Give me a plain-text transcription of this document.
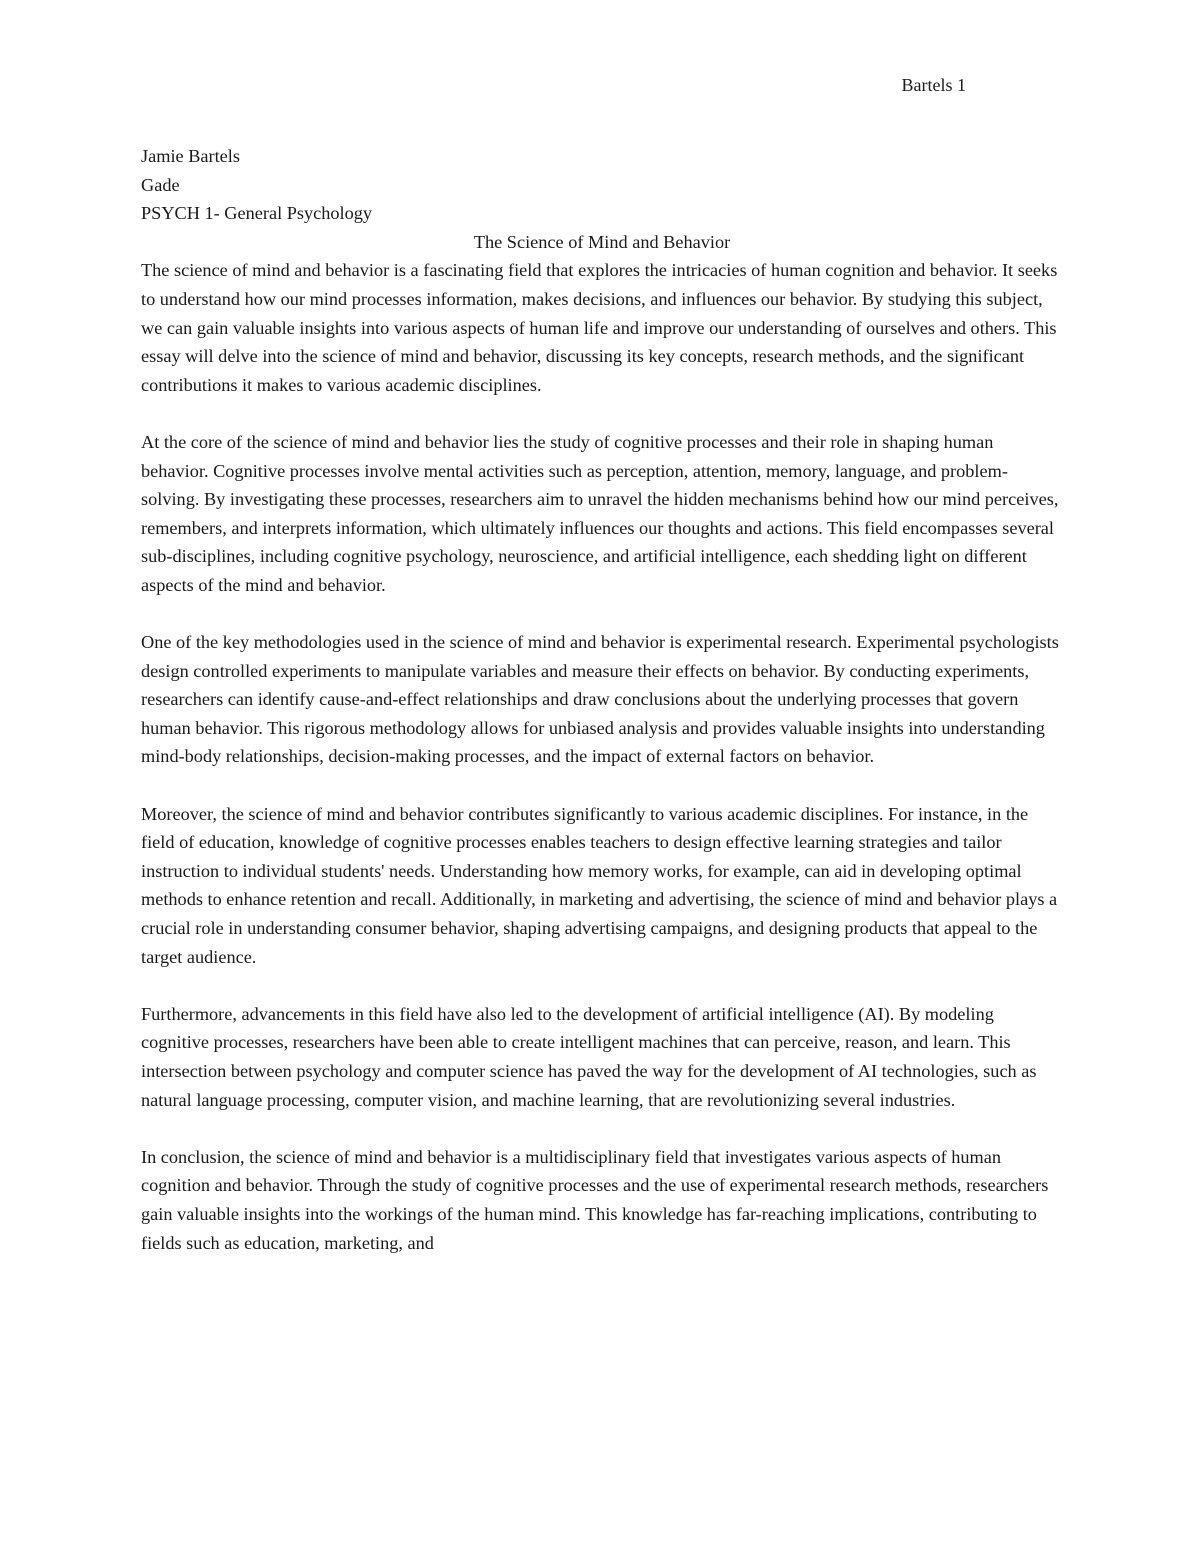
Bartels 1

Jamie Bartels

Gade

PSYCH 1- General Psychology

The Science of Mind and Behavior

The science of mind and behavior is a fascinating field that explores the intricacies of human cognition and behavior. It seeks to understand how our mind processes information, makes decisions, and influences our behavior. By studying this subject, we can gain valuable insights into various aspects of human life and improve our understanding of ourselves and others. This essay will delve into the science of mind and behavior, discussing its key concepts, research methods, and the significant contributions it makes to various academic disciplines.

At the core of the science of mind and behavior lies the study of cognitive processes and their role in shaping human behavior. Cognitive processes involve mental activities such as perception, attention, memory, language, and problem-solving. By investigating these processes, researchers aim to unravel the hidden mechanisms behind how our mind perceives, remembers, and interprets information, which ultimately influences our thoughts and actions. This field encompasses several sub-disciplines, including cognitive psychology, neuroscience, and artificial intelligence, each shedding light on different aspects of the mind and behavior.

One of the key methodologies used in the science of mind and behavior is experimental research. Experimental psychologists design controlled experiments to manipulate variables and measure their effects on behavior. By conducting experiments, researchers can identify cause-and-effect relationships and draw conclusions about the underlying processes that govern human behavior. This rigorous methodology allows for unbiased analysis and provides valuable insights into understanding mind-body relationships, decision-making processes, and the impact of external factors on behavior.

Moreover, the science of mind and behavior contributes significantly to various academic disciplines. For instance, in the field of education, knowledge of cognitive processes enables teachers to design effective learning strategies and tailor instruction to individual students' needs. Understanding how memory works, for example, can aid in developing optimal methods to enhance retention and recall. Additionally, in marketing and advertising, the science of mind and behavior plays a crucial role in understanding consumer behavior, shaping advertising campaigns, and designing products that appeal to the target audience.

Furthermore, advancements in this field have also led to the development of artificial intelligence (AI). By modeling cognitive processes, researchers have been able to create intelligent machines that can perceive, reason, and learn. This intersection between psychology and computer science has paved the way for the development of AI technologies, such as natural language processing, computer vision, and machine learning, that are revolutionizing several industries.

In conclusion, the science of mind and behavior is a multidisciplinary field that investigates various aspects of human cognition and behavior. Through the study of cognitive processes and the use of experimental research methods, researchers gain valuable insights into the workings of the human mind. This knowledge has far-reaching implications, contributing to fields such as education, marketing, and
